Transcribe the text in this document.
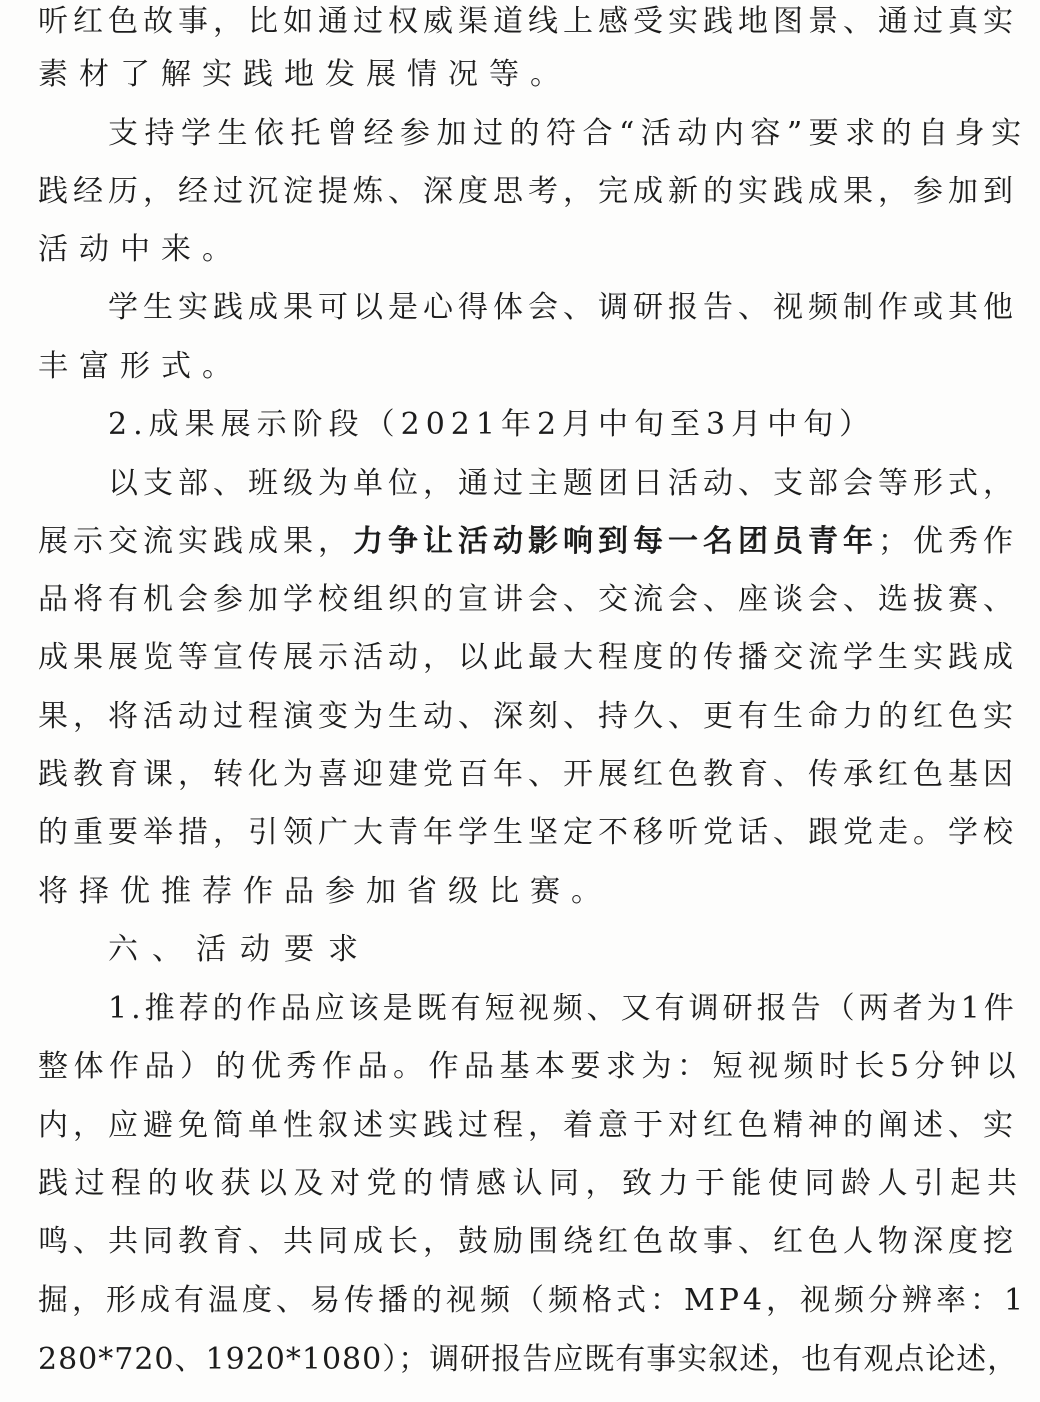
听红色故事，比如通过权威渠道线上感受实践地图景、通过真实
素材了解实践地发展情况等。
支持学生依托曾经参加过的符合“活动内容”要求的自身实
践经历，经过沉淀提炼、深度思考，完成新的实践成果，参加到
活动中来。
学生实践成果可以是心得体会、调研报告、视频制作或其他
丰富形式。
2.成果展示阶段（2021年2月中旬至3月中旬）
以支部、班级为单位，通过主题团日活动、支部会等形式，
展示交流实践成果，力争让活动影响到每一名团员青年；优秀作
品将有机会参加学校组织的宣讲会、交流会、座谈会、选拔赛、
成果展览等宣传展示活动，以此最大程度的传播交流学生实践成
果，将活动过程演变为生动、深刻、持久、更有生命力的红色实
践教育课，转化为喜迎建党百年、开展红色教育、传承红色基因
的重要举措，引领广大青年学生坚定不移听党话、跟党走。学校
将择优推荐作品参加省级比赛。
六、活动要求
1.推荐的作品应该是既有短视频、又有调研报告（两者为1件
整体作品）的优秀作品。作品基本要求为：短视频时长5分钟以
内，应避免简单性叙述实践过程，着意于对红色精神的阐述、实
践过程的收获以及对党的情感认同，致力于能使同龄人引起共
鸣、共同教育、共同成长，鼓励围绕红色故事、红色人物深度挖
掘，形成有温度、易传播的视频（频格式：MP4，视频分辨率：1
280*720、1920*1080）；调研报告应既有事实叙述，也有观点论述，
